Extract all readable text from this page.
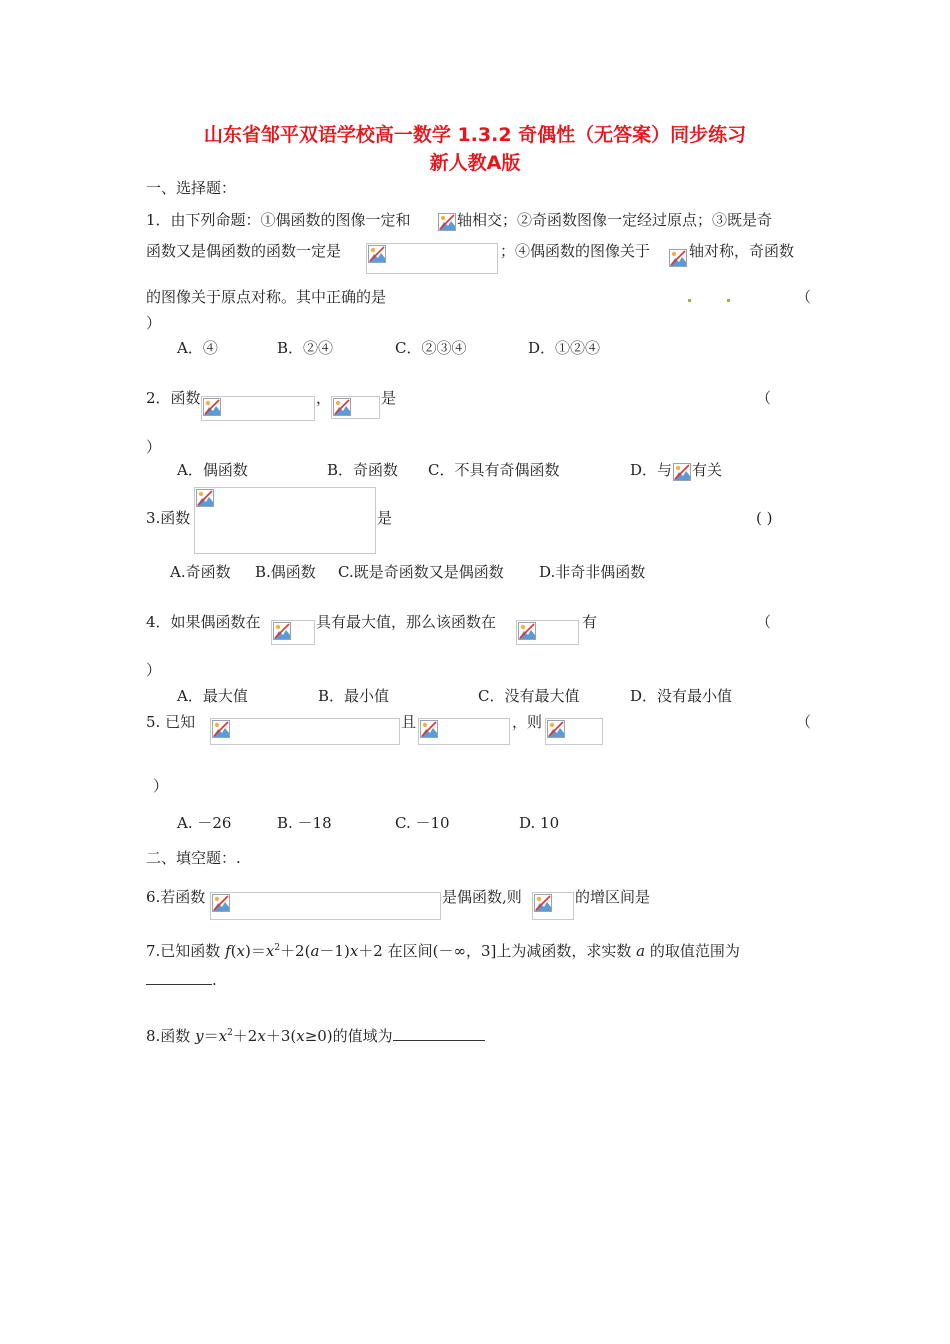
山东省邹平双语学校高一数学 1.3.2 奇偶性（无答案）同步练习
新人教A版
一、选择题：
1．由下列命题：①偶函数的图像一定和	轴相交；②奇函数图像一定经过原点；③既是奇
函数又是偶函数的函数一定是	；④偶函数的图像关于	轴对称，奇函数
的图像关于原点对称。其中正确的是	（
）
A．④	B．②④	C．②③④	D．①②④
2．函数	，	是	（
）
A．偶函数	B．奇函数 C．不具有奇偶函数	D．与 有关
3.函数	是	( )
A.奇函数 B.偶函数 C.既是奇函数又是偶函数 D.非奇非偶函数
4．如果偶函数在	具有最大值，那么该函数在	有	（
）
A．最大值	B．最小值	C．没有最大值	D．没有最小值
5. 已知	且	，则	（
）
A. －26	B. －18	C. －10	D. 10
二、填空题：.
6.若函数	是偶函数,则	的增区间是
7.已知函数 $f(x)=x^2+2(a-1)x+2$ 在区间(－∞，3]上为减函数，求实数 a 的取值范围为
.
8.函数 $y=x^2+2x+3(x\ge 0)$的值域为
